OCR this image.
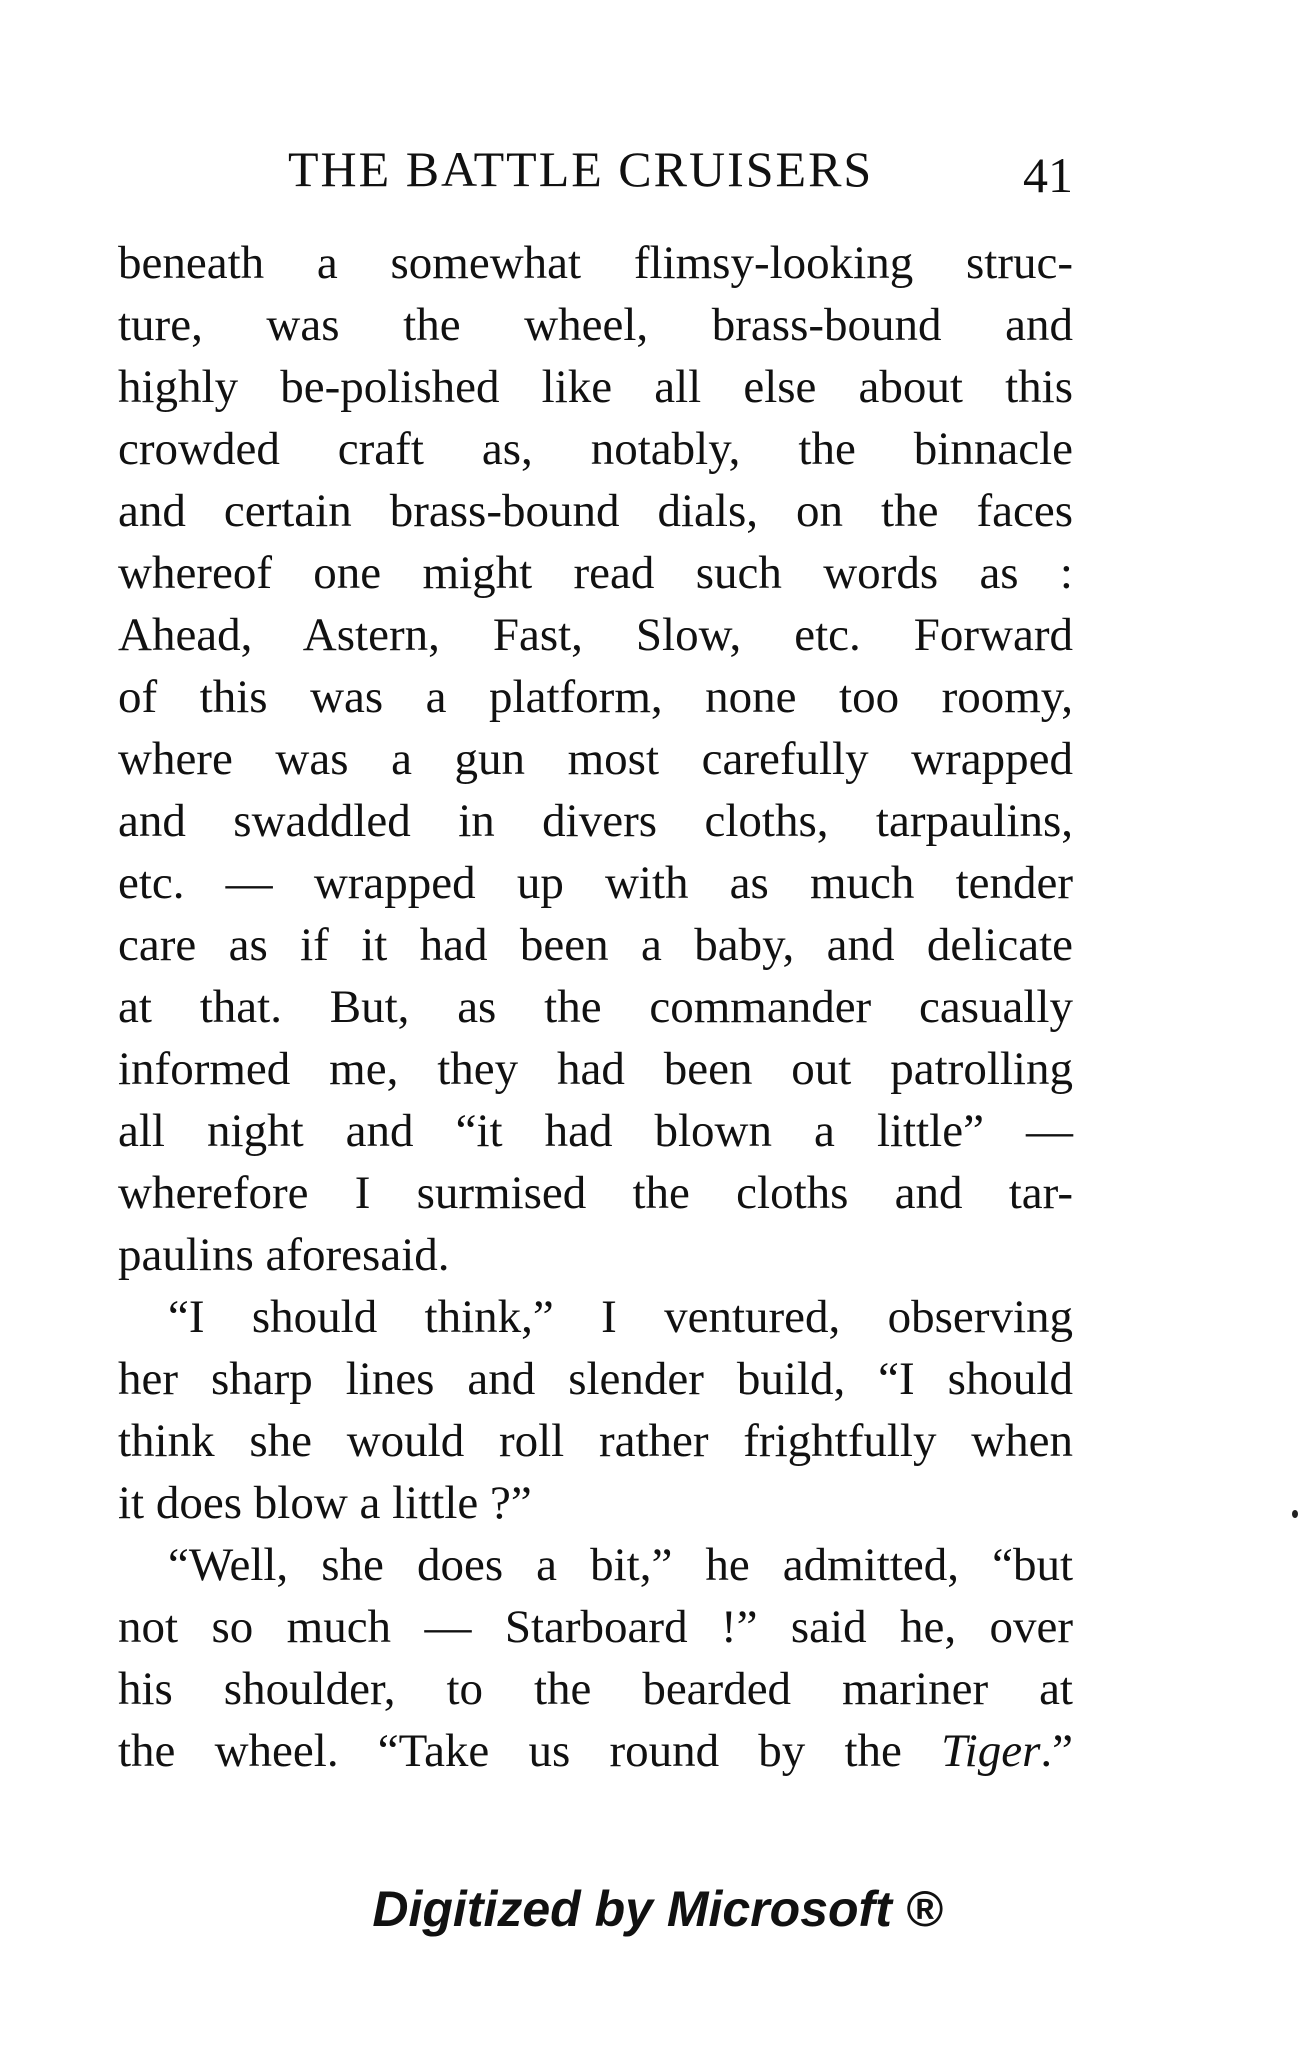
THE BATTLE CRUISERS	41
beneath a somewhat flimsy-looking struc-
ture, was the wheel, brass-bound and
highly be-polished like all else about this
crowded craft as, notably, the binnacle
and certain brass-bound dials, on the faces
whereof one might read such words as :
Ahead, Astern, Fast, Slow, etc. Forward
of this was a platform, none too roomy,
where was a gun most carefully wrapped
and swaddled in divers cloths, tarpaulins,
etc. — wrapped up with as much tender
care as if it had been a baby, and delicate
at that. But, as the commander casually
informed me, they had been out patrolling
all night and “it had blown a little” —
wherefore I surmised the cloths and tar-
paulins aforesaid.
“I should think,” I ventured, observing
her sharp lines and slender build, “I should
think she would roll rather frightfully when
it does blow a little ?”
“Well, she does a bit,” he admitted, “but
not so much — Starboard !” said he, over
his shoulder, to the bearded mariner at
the wheel. “Take us round by the Tiger.”
Digitized by Microsoft ®
